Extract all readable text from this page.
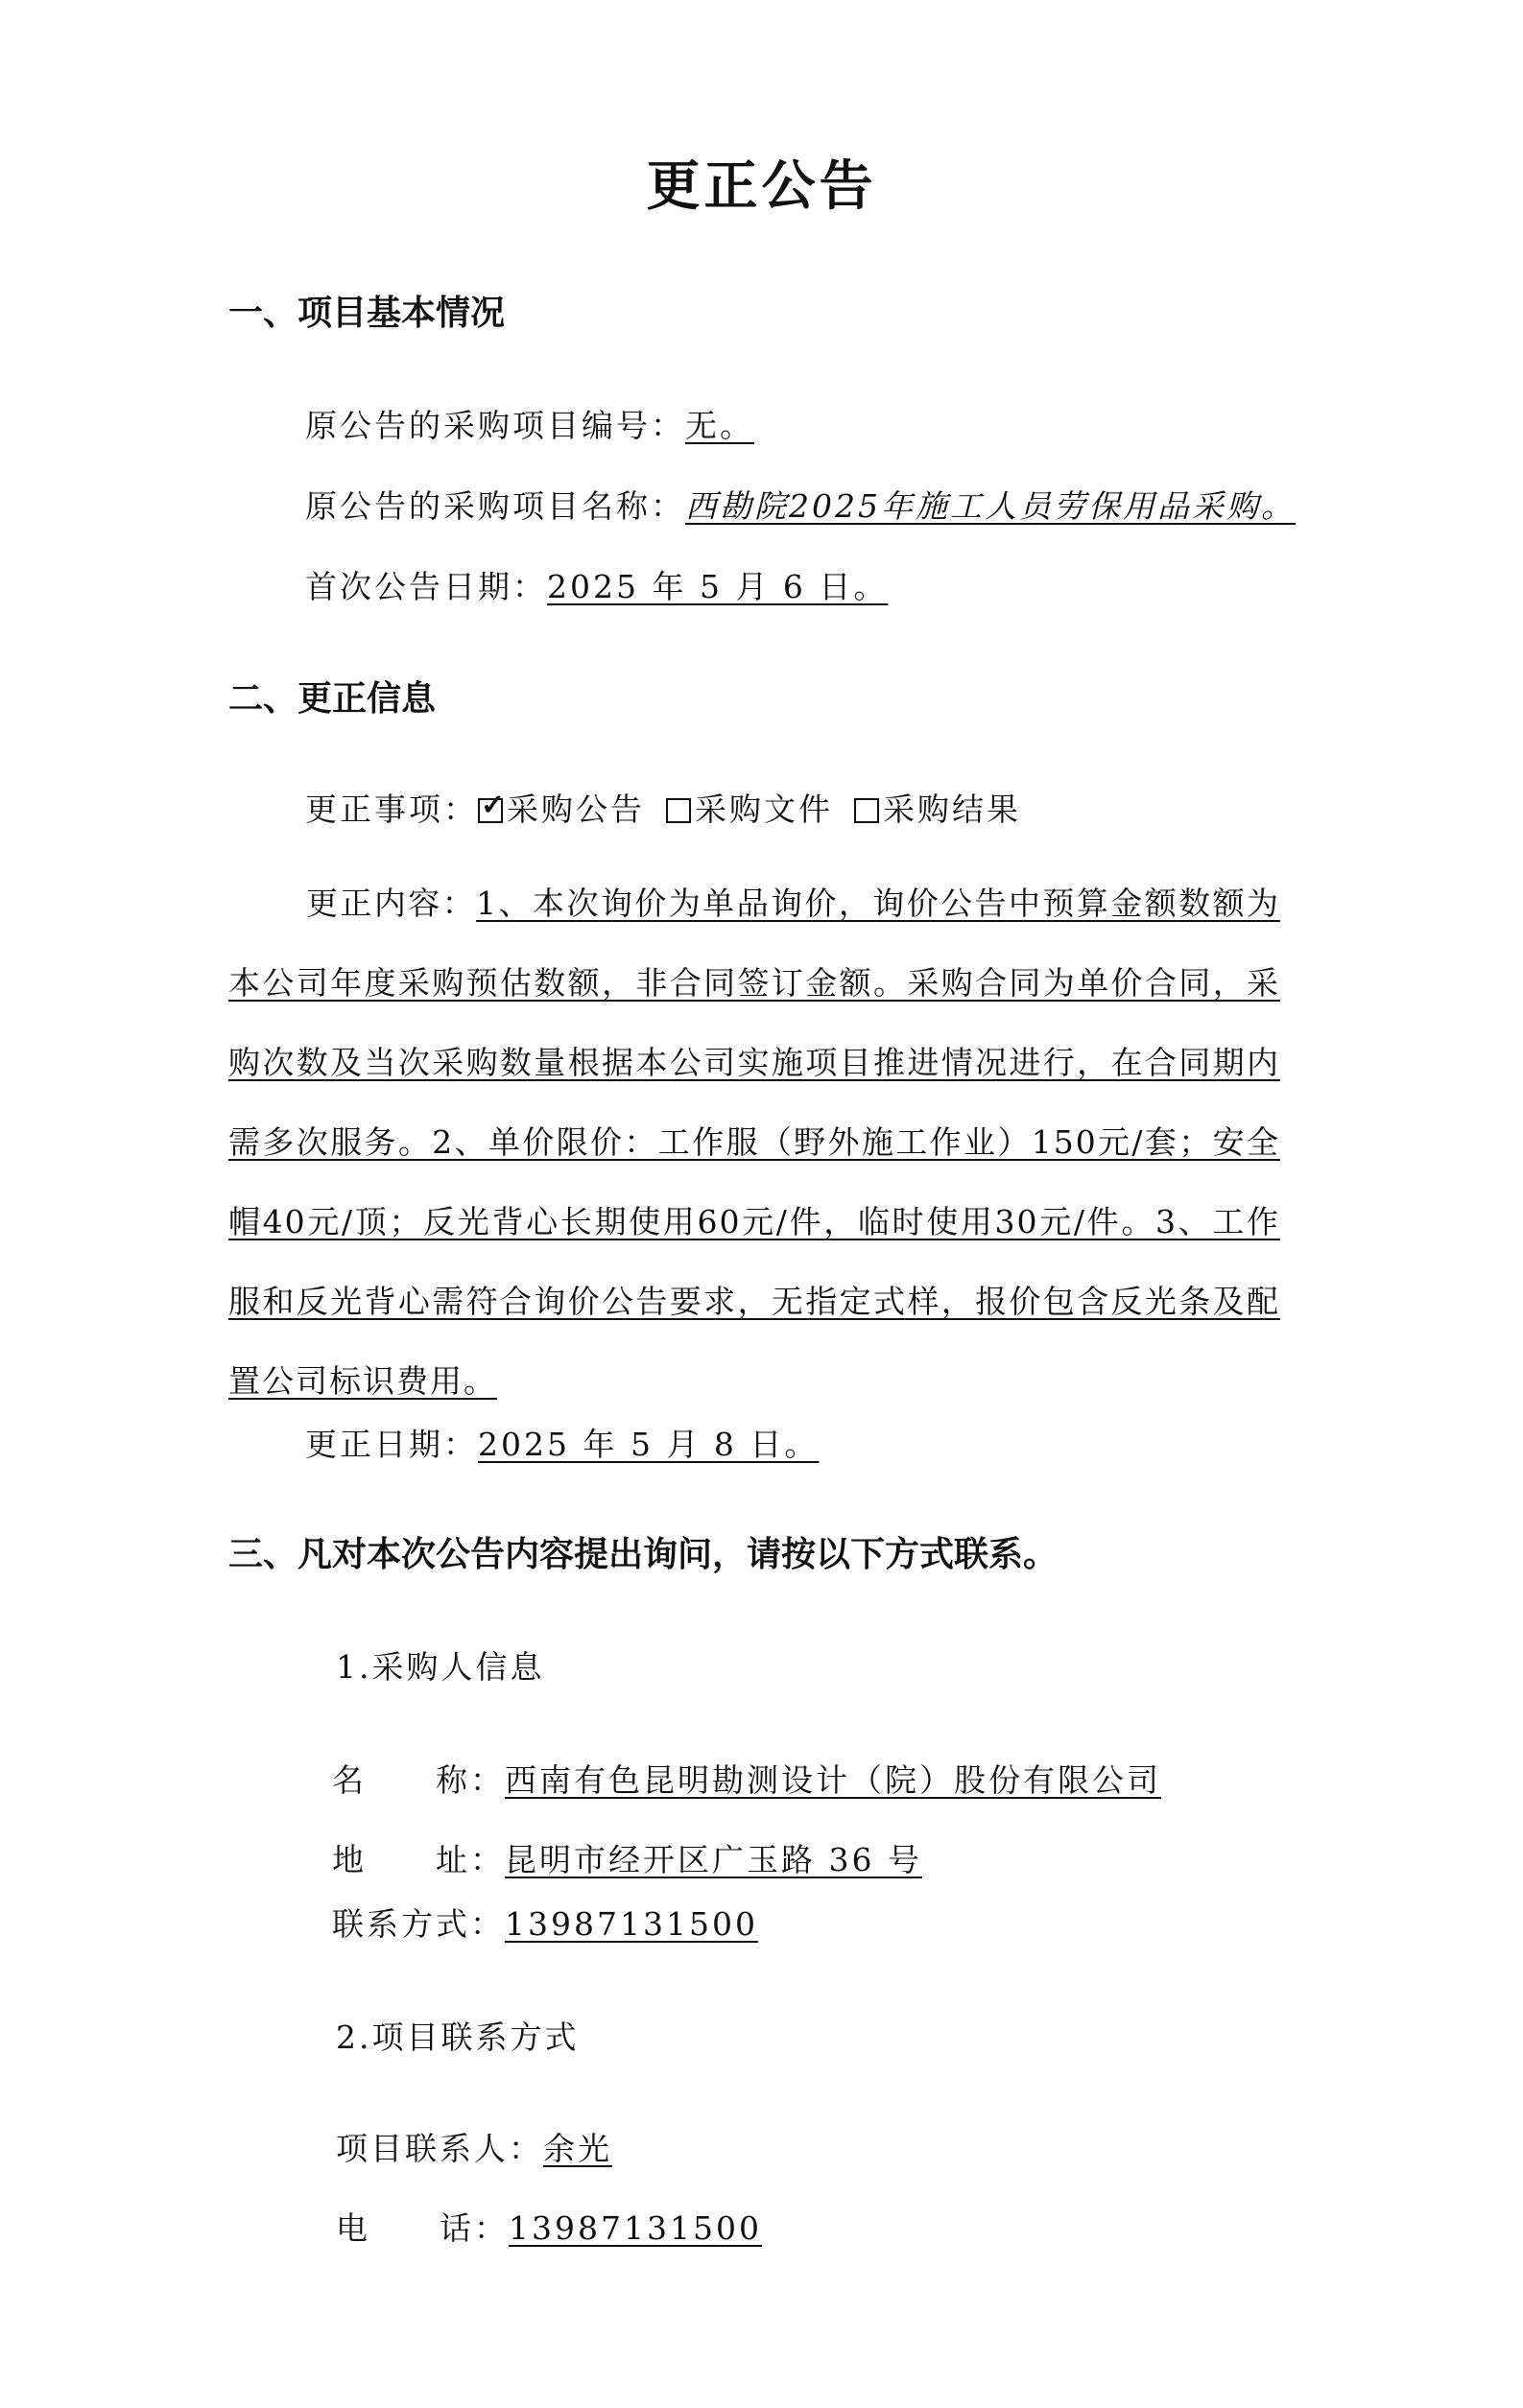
更正公告
一、项目基本情况
原公告的采购项目编号：无。
原公告的采购项目名称：西勘院2025年施工人员劳保用品采购。
首次公告日期：2025 年 5 月 6 日。
二、更正信息
更正事项： ✓
采购公告 采购文件 采购结果
更正内容：1、本次询价为单品询价，询价公告中预算金额数额为本公司年度采购预估数额，非合同签订金额。采购合同为单价合同，采购次数及当次采购数量根据本公司实施项目推进情况进行，在合同期内需多次服务。2、单价限价：工作服（野外施工作业）150元/套；安全帽40元/顶；反光背心长期使用60元/件，临时使用30元/件。3、工作服和反光背心需符合询价公告要求，无指定式样，报价包含反光条及配置公司标识费用。
更正日期：2025 年 5 月 8 日。
三、凡对本次公告内容提出询问，请按以下方式联系。
1.采购人信息
名　　称：西南有色昆明勘测设计（院）股份有限公司
地　　址：昆明市经开区广玉路 36 号
联系方式：13987131500
2.项目联系方式
项目联系人：余光
电　　话：13987131500
